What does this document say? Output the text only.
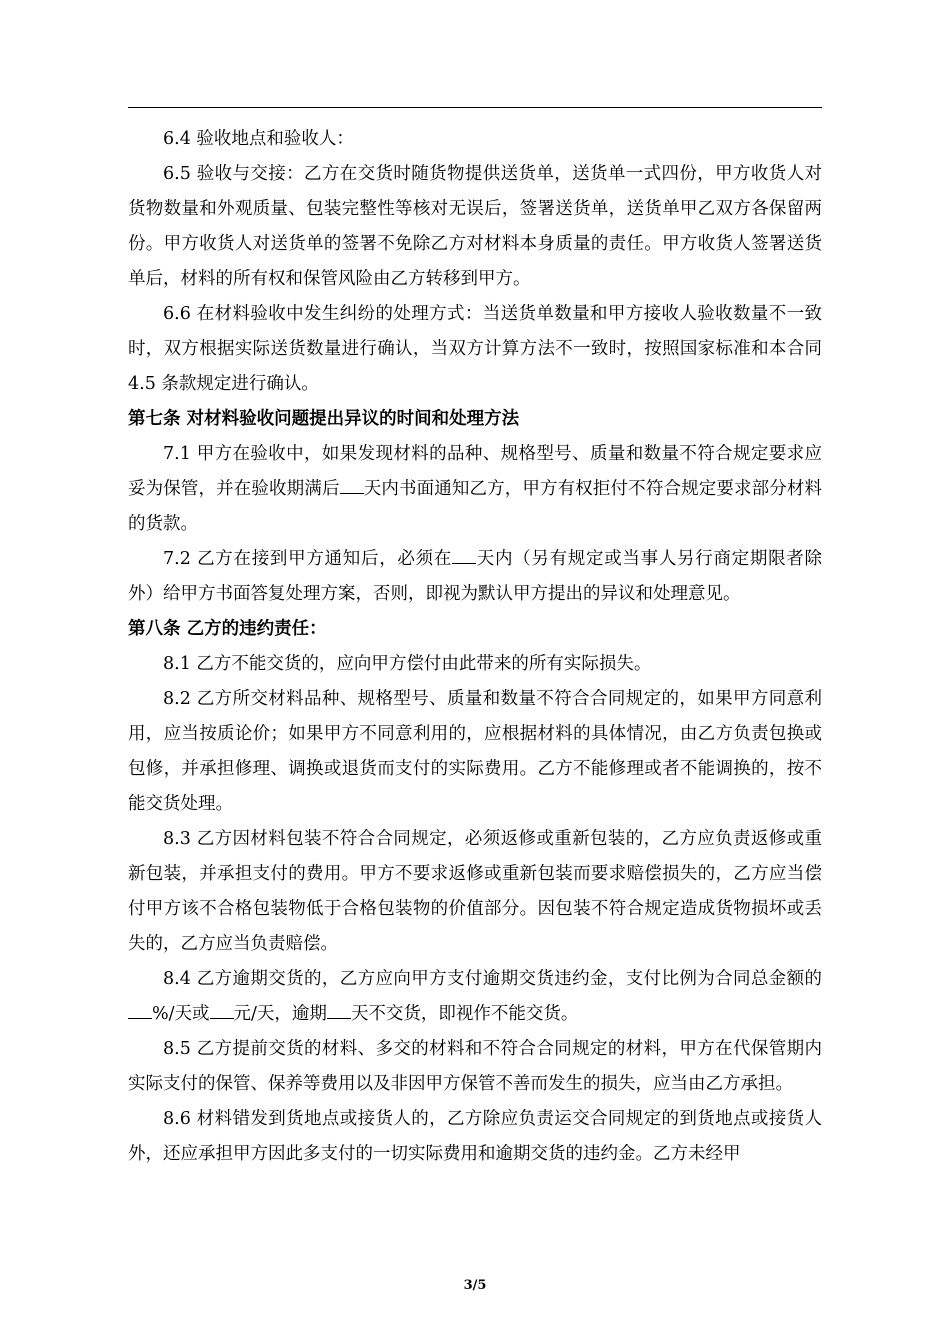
6.4 验收地点和验收人：

6.5 验收与交接：乙方在交货时随货物提供送货单，送货单一式四份，甲方收货人对货物数量和外观质量、包装完整性等核对无误后，签署送货单，送货单甲乙双方各保留两份。甲方收货人对送货单的签署不免除乙方对材料本身质量的责任。甲方收货人签署送货单后，材料的所有权和保管风险由乙方转移到甲方。

6.6 在材料验收中发生纠纷的处理方式：当送货单数量和甲方接收人验收数量不一致时，双方根据实际送货数量进行确认，当双方计算方法不一致时，按照国家标准和本合同 4.5 条款规定进行确认。

第七条 对材料验收问题提出异议的时间和处理方法

7.1 甲方在验收中，如果发现材料的品种、规格型号、质量和数量不符合规定要求应妥为保管，并在验收期满后 天内书面通知乙方，甲方有权拒付不符合规定要求部分材料的货款。

7.2 乙方在接到甲方通知后，必须在 天内（另有规定或当事人另行商定期限者除外）给甲方书面答复处理方案，否则，即视为默认甲方提出的异议和处理意见。

第八条 乙方的违约责任：

8.1 乙方不能交货的，应向甲方偿付由此带来的所有实际损失。

8.2 乙方所交材料品种、规格型号、质量和数量不符合合同规定的，如果甲方同意利用，应当按质论价；如果甲方不同意利用的，应根据材料的具体情况，由乙方负责包换或包修，并承担修理、调换或退货而支付的实际费用。乙方不能修理或者不能调换的，按不能交货处理。

8.3 乙方因材料包装不符合合同规定，必须返修或重新包装的，乙方应负责返修或重新包装，并承担支付的费用。甲方不要求返修或重新包装而要求赔偿损失的，乙方应当偿付甲方该不合格包装物低于合格包装物的价值部分。因包装不符合规定造成货物损坏或丢失的，乙方应当负责赔偿。

8.4 乙方逾期交货的，乙方应向甲方支付逾期交货违约金，支付比例为合同总金额的%/天或 元/天，逾期 天不交货，即视作不能交货。

8.5 乙方提前交货的材料、多交的材料和不符合合同规定的材料，甲方在代保管期内实际支付的保管、保养等费用以及非因甲方保管不善而发生的损失，应当由乙方承担。

8.6 材料错发到货地点或接货人的，乙方除应负责运交合同规定的到货地点或接货人外，还应承担甲方因此多支付的一切实际费用和逾期交货的违约金。乙方未经甲

3/5
